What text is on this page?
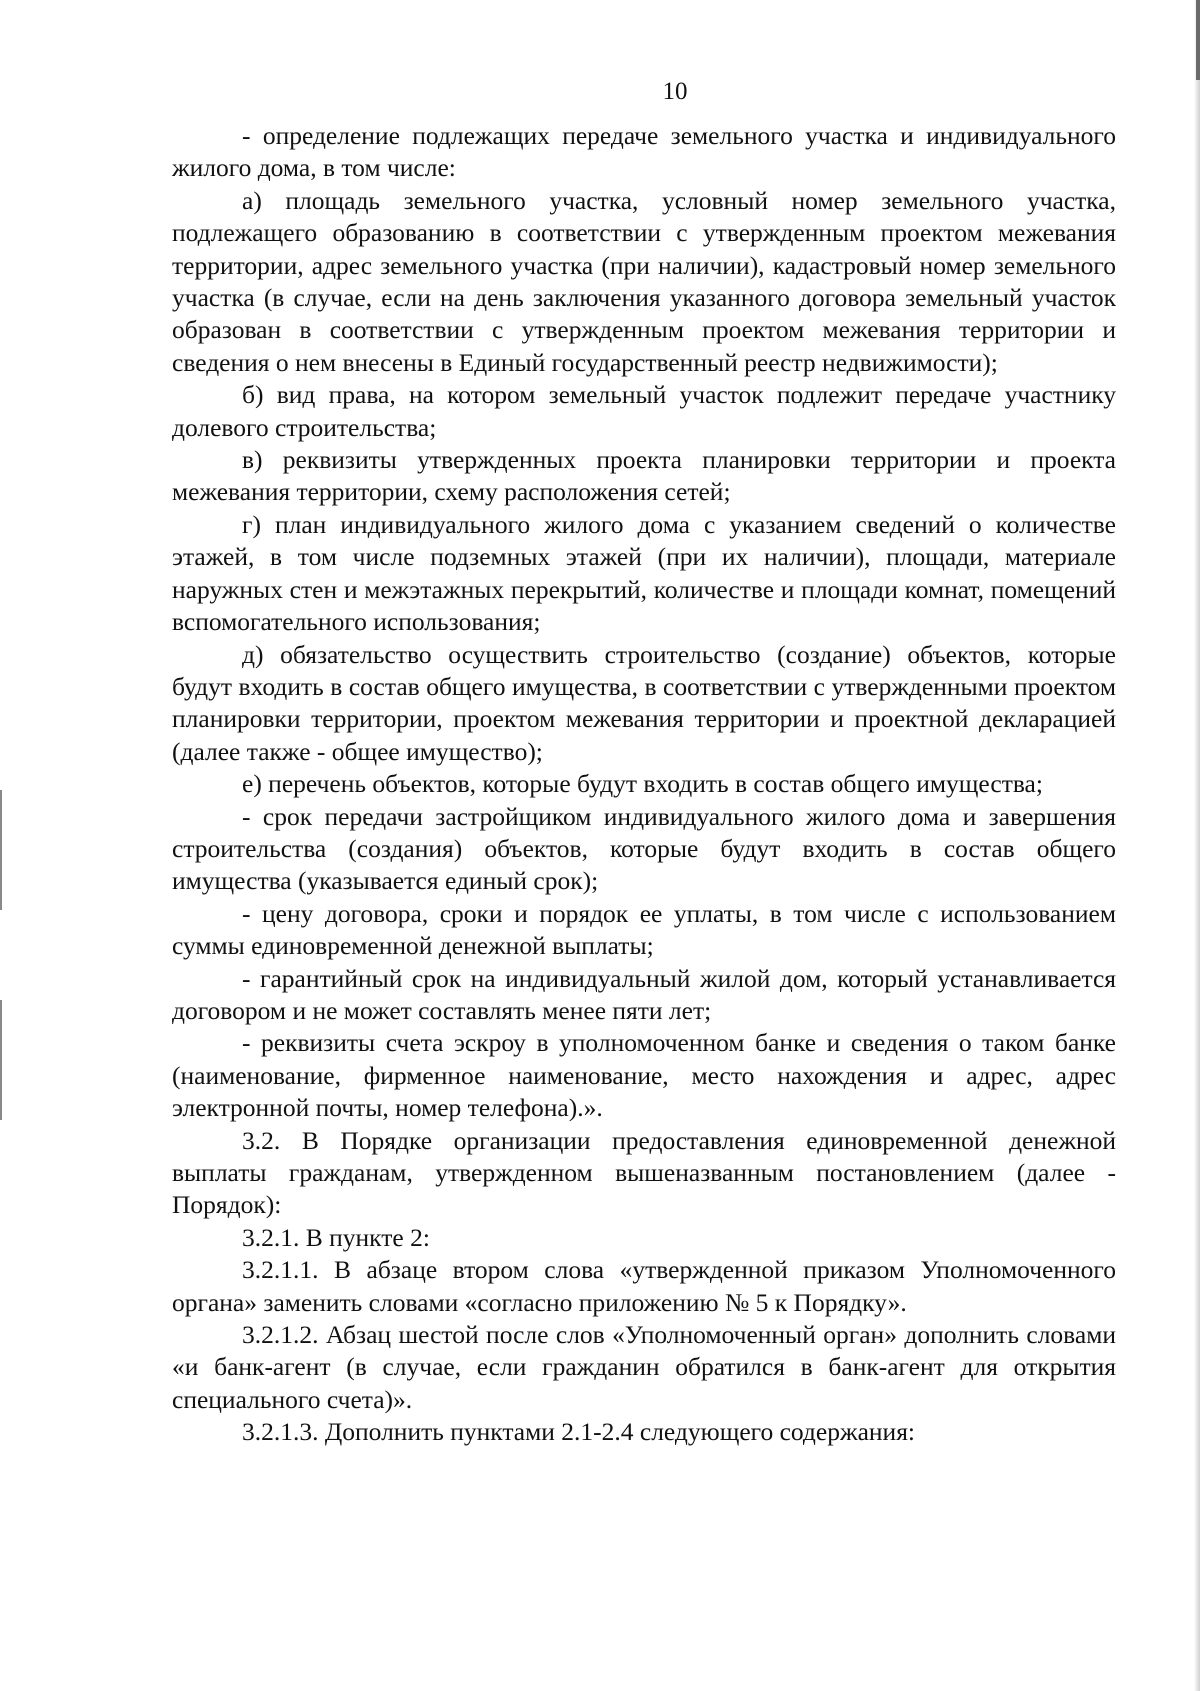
10

- определение подлежащих передаче земельного участка и индивидуального жилого дома, в том числе:

а) площадь земельного участка, условный номер земельного участка, подлежащего образованию в соответствии с утвержденным проектом межевания территории, адрес земельного участка (при наличии), кадастровый номер земельного участка (в случае, если на день заключения указанного договора земельный участок образован в соответствии с утвержденным проектом межевания территории и сведения о нем внесены в Единый государственный реестр недвижимости);

б) вид права, на котором земельный участок подлежит передаче участнику долевого строительства;

в) реквизиты утвержденных проекта планировки территории и проекта межевания территории, схему расположения сетей;

г) план индивидуального жилого дома с указанием сведений о количестве этажей, в том числе подземных этажей (при их наличии), площади, материале наружных стен и межэтажных перекрытий, количестве и площади комнат, помещений вспомогательного использования;

д) обязательство осуществить строительство (создание) объектов, которые будут входить в состав общего имущества, в соответствии с утвержденными проектом планировки территории, проектом межевания территории и проектной декларацией (далее также - общее имущество);

е) перечень объектов, которые будут входить в состав общего имущества;

- срок передачи застройщиком индивидуального жилого дома и завершения строительства (создания) объектов, которые будут входить в состав общего имущества (указывается единый срок);

- цену договора, сроки и порядок ее уплаты, в том числе с использованием суммы единовременной денежной выплаты;

- гарантийный срок на индивидуальный жилой дом, который устанавливается договором и не может составлять менее пяти лет;

- реквизиты счета эскроу в уполномоченном банке и сведения о таком банке (наименование, фирменное наименование, место нахождения и адрес, адрес электронной почты, номер телефона).».

3.2. В Порядке организации предоставления единовременной денежной выплаты гражданам, утвержденном вышеназванным постановлением (далее - Порядок):

3.2.1. В пункте 2:

3.2.1.1. В абзаце втором слова «утвержденной приказом Уполномоченного органа» заменить словами «согласно приложению № 5 к Порядку».

3.2.1.2. Абзац шестой после слов «Уполномоченный орган» дополнить словами «и банк-агент (в случае, если гражданин обратился в банк-агент для открытия специального счета)».

3.2.1.3. Дополнить пунктами 2.1-2.4 следующего содержания:
